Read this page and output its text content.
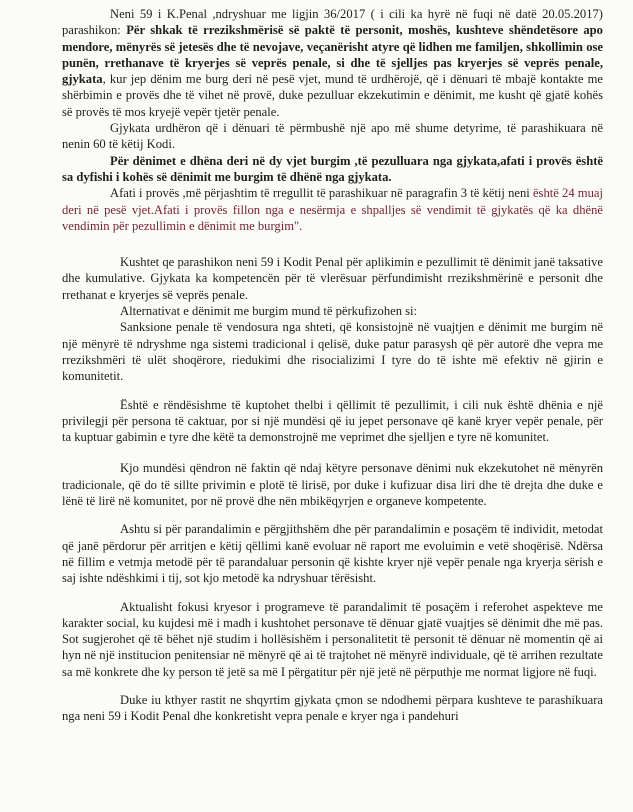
Neni 59 i K.Penal ,ndryshuar me ligjin 36/2017 ( i cili ka hyrë në fuqi në datë 20.05.2017) parashikon: Për shkak të rrezikshmërisë së paktë të personit, moshës, kushteve shëndetësore apo mendore, mënyrës së jetesës dhe të nevojave, veçanërisht atyre që lidhen me familjen, shkollimin ose punën, rrethanave të kryerjes së veprës penale, si dhe të sjelljes pas kryerjes së veprës penale, gjykata, kur jep dënim me burg deri në pesë vjet, mund të urdhërojë, që i dënuari të mbajë kontakte me shërbimin e provës dhe të vihet në provë, duke pezulluar ekzekutimin e dënimit, me kusht që gjatë kohës së provës të mos kryejë vepër tjetër penale.

Gjykata urdhëron që i dënuari të përmbushë një apo më shume detyrime, të parashikuara në nenin 60 të këtij Kodi.

Për dënimet e dhëna deri në dy vjet burgim ,të pezulluara nga gjykata,afati i provës është sa dyfishi i kohës së dënimit me burgim të dhënë nga gjykata.

Afati i provës ,më përjashtim të rregullit të parashikuar në paragrafin 3 të këtij neni është 24 muaj deri në pesë vjet.Afati i provës fillon nga e nesërmja e shpalljes së vendimit të gjykatës që ka dhënë vendimin për pezullimin e dënimit me burgim".

Kushtet qe parashikon neni 59 i Kodit Penal për aplikimin e pezullimit të dënimit janë taksative dhe kumulative. Gjykata ka kompetencën për të vlerësuar përfundimisht rrezikshmërinë e personit dhe rrethanat e kryerjes së veprës penale.

Alternativat e dënimit me burgim mund të përkufizohen si:

Sanksione penale të vendosura nga shteti, që konsistojnë në vuajtjen e dënimit me burgim në një mënyrë të ndryshme nga sistemi tradicional i qelisë, duke patur parasysh që për autorë dhe vepra me rrezikshmëri të ulët shoqërore, riedukimi dhe risocializimi I tyre do të ishte më efektiv në gjirin e komunitetit.

Është e rëndësishme të kuptohet thelbi i qëllimit të pezullimit, i cili nuk është dhënia e një privilegji për persona të caktuar, por si një mundësi që iu jepet personave që kanë kryer vepër penale, për ta kuptuar gabimin e tyre dhe këtë ta demonstrojnë me veprimet dhe sjelljen e tyre në komunitet.

Kjo mundësi qëndron në faktin që ndaj këtyre personave dënimi nuk ekzekutohet në mënyrën tradicionale, që do të sillte privimin e plotë të lirisë, por duke i kufizuar disa liri dhe të drejta dhe duke e lënë të lirë në komunitet, por në provë dhe nën mbikëqyrjen e organeve kompetente.

Ashtu si për parandalimin e përgjithshëm dhe për parandalimin e posaçëm të individit, metodat që janë përdorur për arritjen e këtij qëllimi kanë evoluar në raport me evoluimin e vetë shoqërisë. Ndërsa në fillim e vetmja metodë për të parandaluar personin që kishte kryer një vepër penale nga kryerja sërish e saj ishte ndëshkimi i tij, sot kjo metodë ka ndryshuar tërësisht.

Aktualisht fokusi kryesor i programeve të parandalimit të posaçëm i referohet aspekteve me karakter social, ku kujdesi më i madh i kushtohet personave të dënuar gjatë vuajtjes së dënimit dhe më pas. Sot sugjerohet që të bëhet një studim i hollësishëm i personalitetit të personit të dënuar në momentin që ai hyn në një institucion penitensiar në mënyrë që ai të trajtohet në mënyrë individuale, që të arrihen rezultate sa më konkrete dhe ky person të jetë sa më I përgatitur për një jetë në përputhje me normat ligjore në fuqi.

Duke iu kthyer rastit ne shqyrtim gjykata çmon se ndodhemi përpara kushteve te parashikuara nga neni 59 i Kodit Penal dhe konkretisht vepra penale e kryer nga i pandehuri
